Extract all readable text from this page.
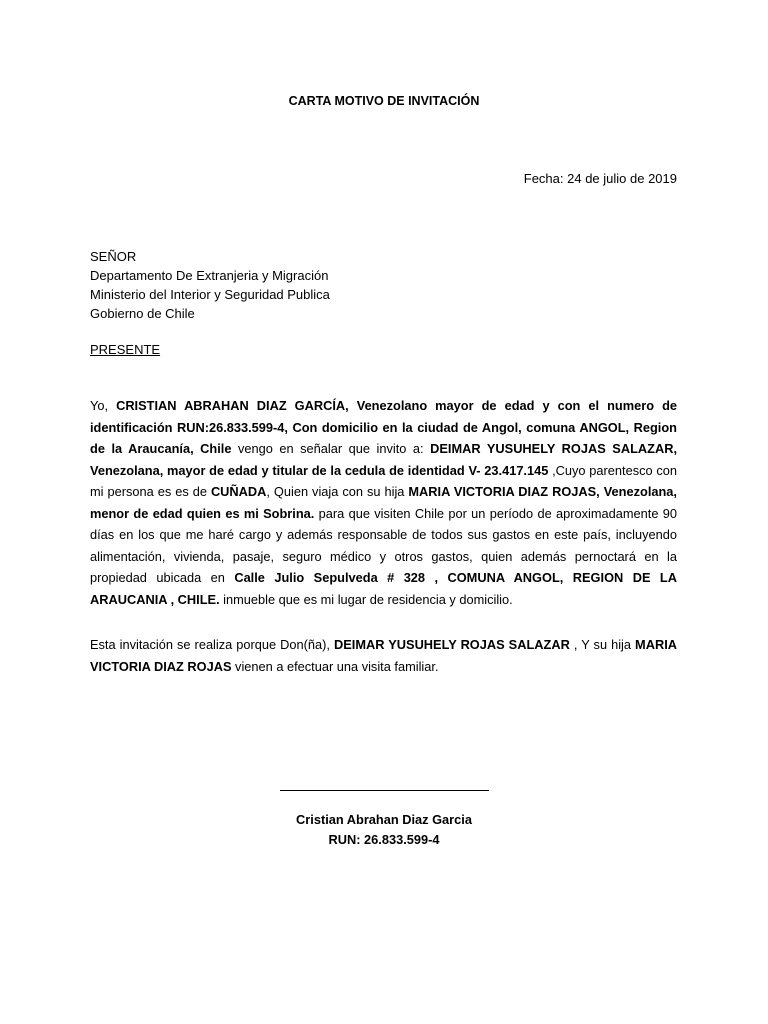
CARTA MOTIVO DE INVITACIÓN
Fecha: 24 de julio de 2019
SEÑOR
Departamento De Extranjeria y Migración
Ministerio del Interior y Seguridad Publica
Gobierno de Chile
PRESENTE
Yo, CRISTIAN ABRAHAN DIAZ GARCÍA, Venezolano mayor de edad y con el numero de identificación RUN:26.833.599-4, Con domicilio en la ciudad de Angol, comuna ANGOL, Region de la Araucanía, Chile vengo en señalar que invito a: DEIMAR YUSUHELY ROJAS SALAZAR, Venezolana, mayor de edad y titular de la cedula de identidad V- 23.417.145 ,Cuyo parentesco con mi persona es es de CUÑADA, Quien viaja con su hija MARIA VICTORIA DIAZ ROJAS, Venezolana, menor de edad quien es mi Sobrina. para que visiten Chile por un período de aproximadamente 90 días en los que me haré cargo y además responsable de todos sus gastos en este país, incluyendo alimentación, vivienda, pasaje, seguro médico y otros gastos, quien además pernoctará en la propiedad ubicada en Calle Julio Sepulveda # 328 , COMUNA ANGOL, REGION DE LA ARAUCANIA , CHILE. inmueble que es mi lugar de residencia y domicilio.
Esta invitación se realiza porque Don(ña), DEIMAR YUSUHELY ROJAS SALAZAR , Y su hija MARIA VICTORIA DIAZ ROJAS vienen a efectuar una visita familiar.
Cristian Abrahan Diaz Garcia
RUN: 26.833.599-4
